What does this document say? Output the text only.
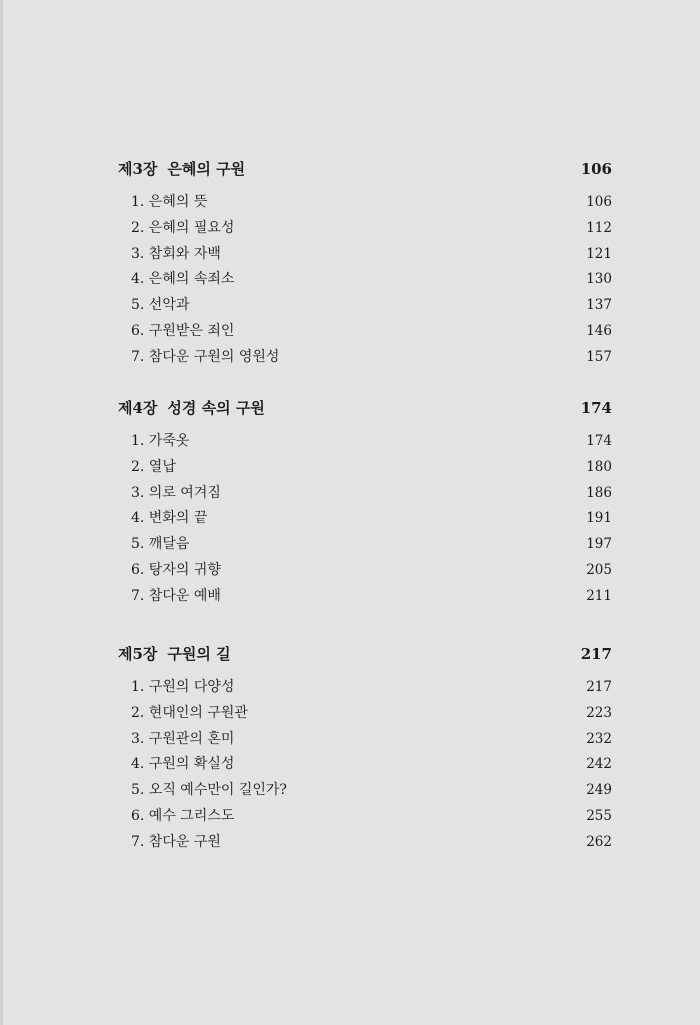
제3장 은혜의 구원	106
1. 은혜의 뜻	106
2. 은혜의 필요성	112
3. 참회와 자백	121
4. 은혜의 속죄소	130
5. 선악과	137
6. 구원받은 죄인	146
7. 참다운 구원의 영원성	157
제4장 성경 속의 구원	174
1. 가죽옷	174
2. 열납	180
3. 의로 여겨짐	186
4. 변화의 끝	191
5. 깨달음	197
6. 탕자의 귀향	205
7. 참다운 예배	211
제5장 구원의 길	217
1. 구원의 다양성	217
2. 현대인의 구원관	223
3. 구원관의 혼미	232
4. 구원의 확실성	242
5. 오직 예수만이 길인가?	249
6. 예수 그리스도	255
7. 참다운 구원	262
